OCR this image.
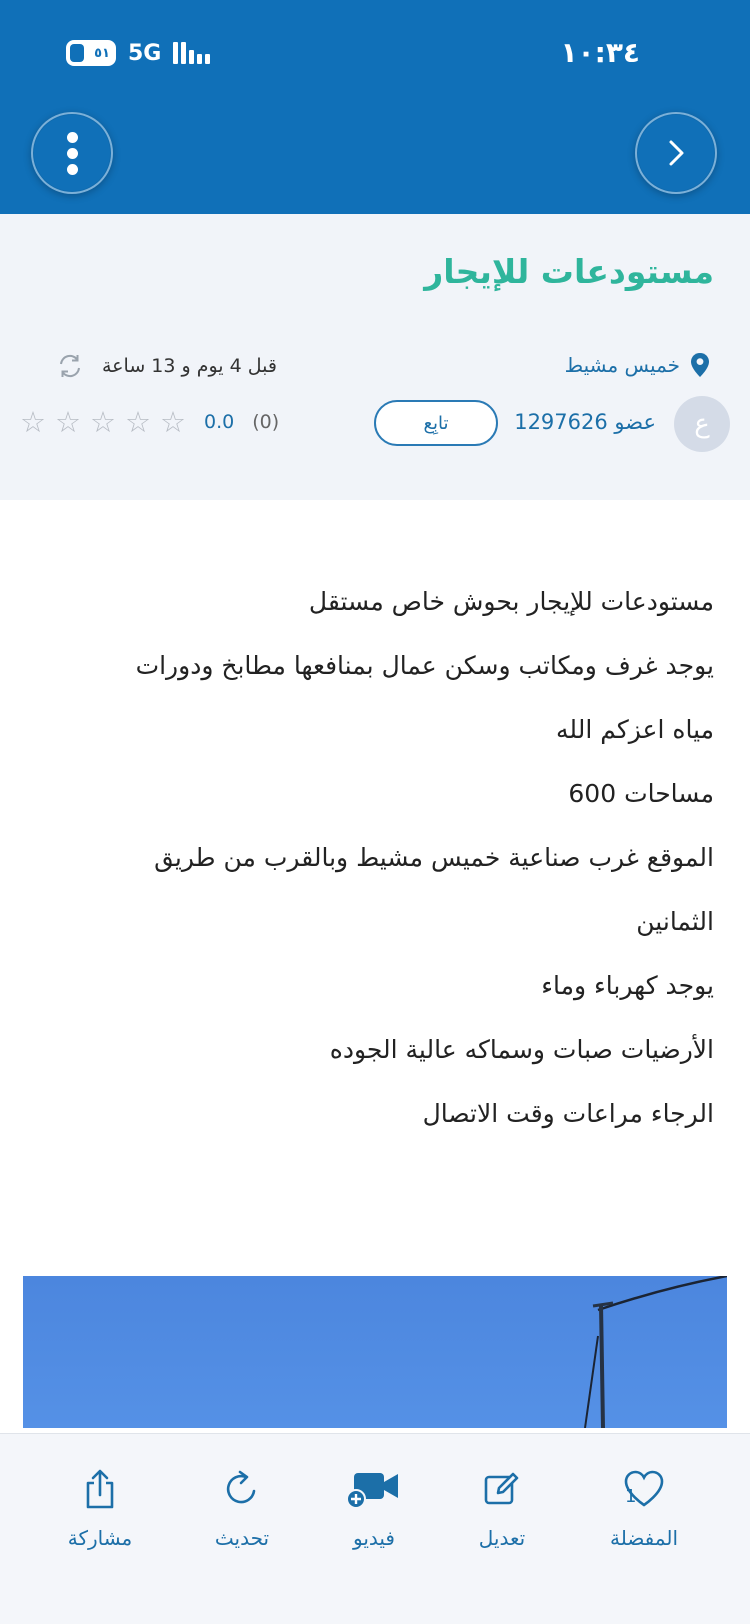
٥١ 5G	١٠:٣٤
مستودعات للإيجار
خميس مشيط
قبل 4 يوم و 13 ساعة
ع
عضو 1297626
تابِع
☆ ☆ ☆ ☆ ☆ 0.0 (0)

مستودعات للإيجار بحوش خاص مستقل

يوجد غرف ومكاتب وسكن عمال بمنافعها مطابخ ودورات

مياه اعزكم الله

مساحات 600

الموقع غرب صناعية خميس مشيط وبالقرب من طريق

الثمانين

يوجد كهرباء وماء

الأرضيات صبات وسماكه عالية الجوده

الرجاء مراعات وقت الاتصال

1
المفضلة
تعديل
فيديو
تحديث
مشاركة
